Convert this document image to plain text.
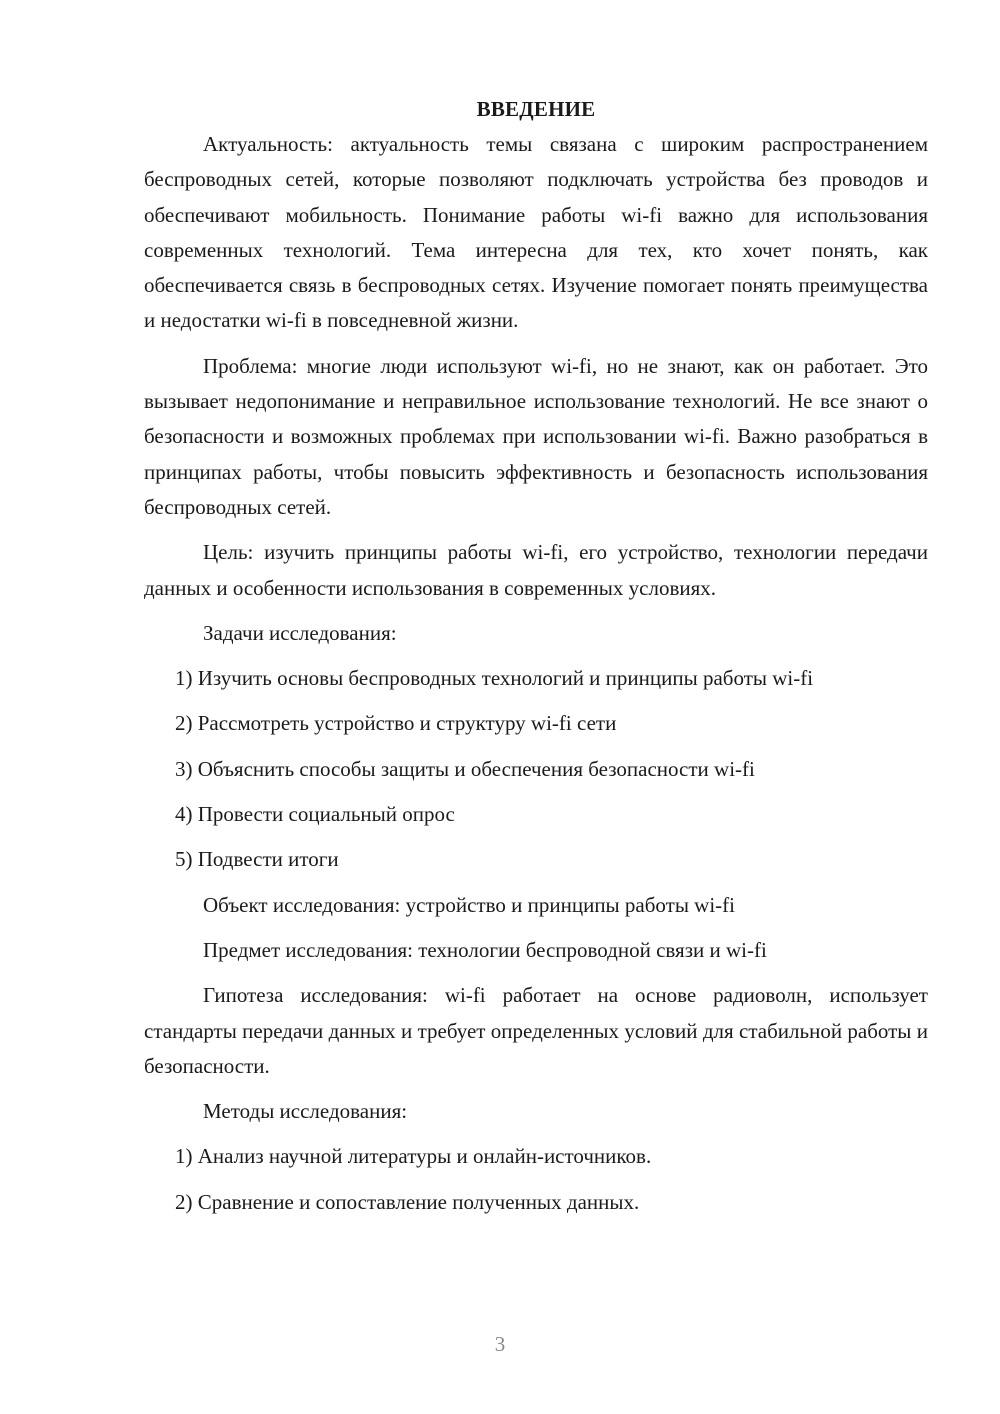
ВВЕДЕНИЕ

Актуальность: актуальность темы связана с широким распространением беспроводных сетей, которые позволяют подключать устройства без проводов и обеспечивают мобильность. Понимание работы wi-fi важно для использования современных технологий. Тема интересна для тех, кто хочет понять, как обеспечивается связь в беспроводных сетях. Изучение помогает понять преимущества и недостатки wi-fi в повседневной жизни.

Проблема: многие люди используют wi-fi, но не знают, как он работает. Это вызывает недопонимание и неправильное использование технологий. Не все знают о безопасности и возможных проблемах при использовании wi-fi. Важно разобраться в принципах работы, чтобы повысить эффективность и безопасность использования беспроводных сетей.

Цель: изучить принципы работы wi-fi, его устройство, технологии передачи данных и особенности использования в современных условиях.

Задачи исследования:

1) Изучить основы беспроводных технологий и принципы работы wi-fi
2) Рассмотреть устройство и структуру wi-fi сети
3) Объяснить способы защиты и обеспечения безопасности wi-fi
4) Провести социальный опрос
5) Подвести итоги

Объект исследования: устройство и принципы работы wi-fi

Предмет исследования: технологии беспроводной связи и wi-fi

Гипотеза исследования: wi-fi работает на основе радиоволн, использует стандарты передачи данных и требует определенных условий для стабильной работы и безопасности.

Методы исследования:

1) Анализ научной литературы и онлайн-источников.
2) Сравнение и сопоставление полученных данных.
3
